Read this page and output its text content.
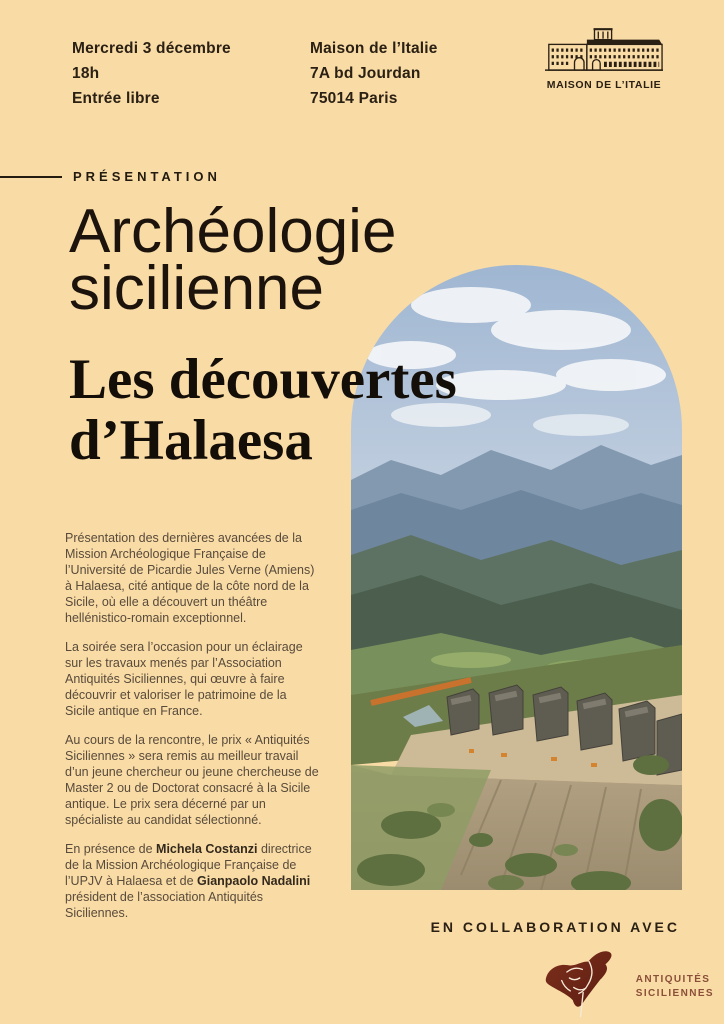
Mercredi 3 décembre
18h
Entrée libre
Maison de l’Italie
7A bd Jourdan
75014 Paris
MAISON DE L’ITALIE
PRÉSENTATION
Archéologie
sicilienne
Les découvertes
d’Halaesa

Présentation des dernières avancées de la Mission Archéologique Française de l’Université de Picardie Jules Verne (Amiens) à Halaesa, cité antique de la côte nord de la Sicile, où elle a découvert un théâtre hellénistico-romain exceptionnel.

La soirée sera l’occasion pour un éclairage sur les travaux menés par l’Association Antiquités Siciliennes, qui œuvre à faire découvrir et valoriser le patrimoine de la Sicile antique en France.

Au cours de la rencontre, le prix « Antiquités Siciliennes » sera remis au meilleur travail d’un jeune chercheur ou jeune chercheuse de Master 2 ou de Doctorat consacré à la Sicile antique. Le prix sera décerné par un spécialiste au candidat sélectionné.

En présence de Michela Costanzi directrice de la Mission Archéologique Française de l’UPJV à Halaesa et de Gianpaolo Nadalini président de l’association Antiquités Siciliennes.

EN COLLABORATION AVEC
ANTIQUITÉS
SICILIENNES
